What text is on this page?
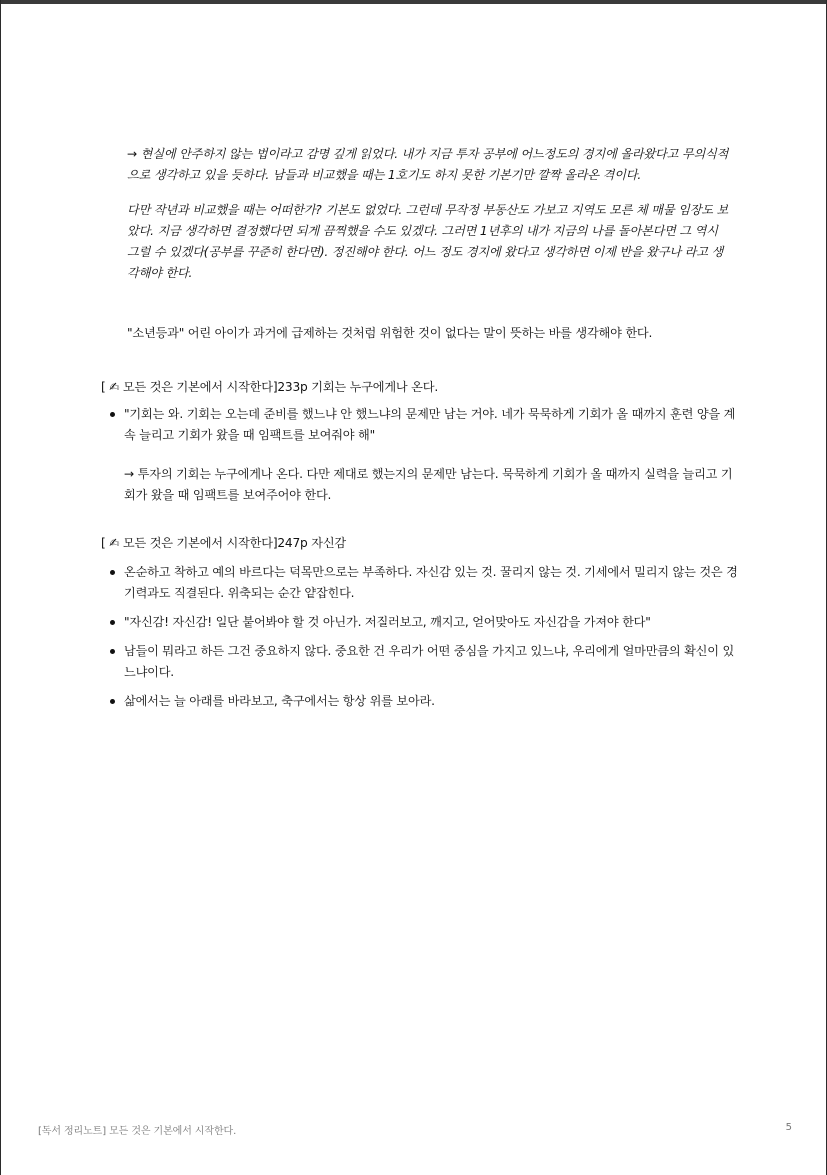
→ 현실에 안주하지 않는 법이라고 감명 깊게 읽었다. 내가 지금 투자 공부에 어느정도의 경지에 올라왔다고 무의식적으로 생각하고 있을 듯하다. 남들과 비교했을 때는 1호기도 하지 못한 기본기만 깔짝 올라온 격이다.

다만 작년과 비교했을 때는 어떠한가? 기본도 없었다. 그런데 무작정 부동산도 가보고 지역도 모른 체 매물 임장도 보았다. 지금 생각하면 결정했다면 되게 끔찍했을 수도 있겠다. 그러면 1년후의 내가 지금의 나를 돌아본다면 그 역시 그럴 수 있겠다(공부를 꾸준히 한다면). 정진해야 한다. 어느 정도 경지에 왔다고 생각하면 이제 반을 왔구나 라고 생각해야 한다.

"소년등과" 어린 아이가 과거에 급제하는 것처럼 위험한 것이 없다는 말이 뜻하는 바를 생각해야 한다.

[ ✍ 모든 것은 기본에서 시작한다]233p 기회는 누구에게나 온다.
"기회는 와. 기회는 오는데 준비를 했느냐 안 했느냐의 문제만 남는 거야. 네가 묵묵하게 기회가 올 때까지 훈련 양을 계속 늘리고 기회가 왔을 때 임팩트를 보여줘야 해"
→ 투자의 기회는 누구에게나 온다. 다만 제대로 했는지의 문제만 남는다. 묵묵하게 기회가 올 때까지 실력을 늘리고 기회가 왔을 때 임팩트를 보여주어야 한다.
[ ✍ 모든 것은 기본에서 시작한다]247p 자신감
온순하고 착하고 예의 바르다는 덕목만으로는 부족하다. 자신감 있는 것. 꿀리지 않는 것. 기세에서 밀리지 않는 것은 경기력과도 직결된다. 위축되는 순간 얕잡힌다.
"자신감! 자신감! 일단 붙어봐야 할 것 아닌가. 저질러보고, 깨지고, 얻어맞아도 자신감을 가져야 한다"
남들이 뭐라고 하든 그건 중요하지 않다. 중요한 건 우리가 어떤 중심을 가지고 있느냐, 우리에게 얼마만큼의 확신이 있느냐이다.
삶에서는 늘 아래를 바라보고, 축구에서는 항상 위를 보아라.
[독서 정리노트] 모든 것은 기본에서 시작한다.	5
